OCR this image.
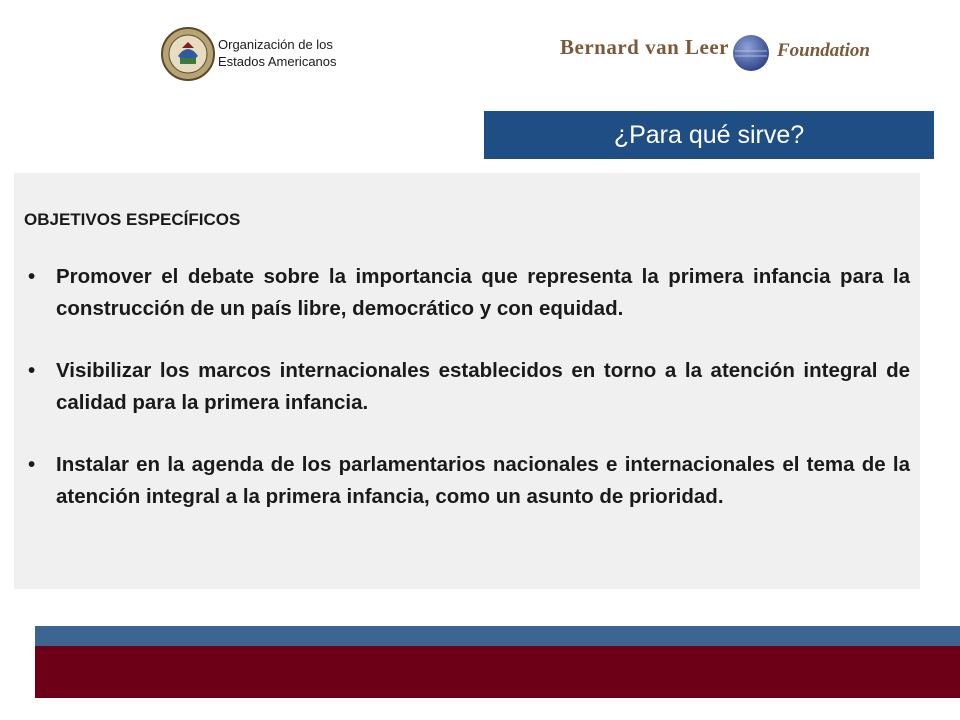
Organización de los
Estados Americanos
Bernard van Leer	Foundation
¿Para qué sirve?
OBJETIVOS ESPECÍFICOS
• Promover el debate sobre la importancia que representa la primera infancia para la construcción de un país libre, democrático y con equidad.
• Visibilizar los marcos internacionales establecidos en torno a la atención integral de calidad para la primera infancia.
• Instalar en la agenda de los parlamentarios nacionales e internacionales el tema de la atención integral a la primera infancia, como un asunto de prioridad.
